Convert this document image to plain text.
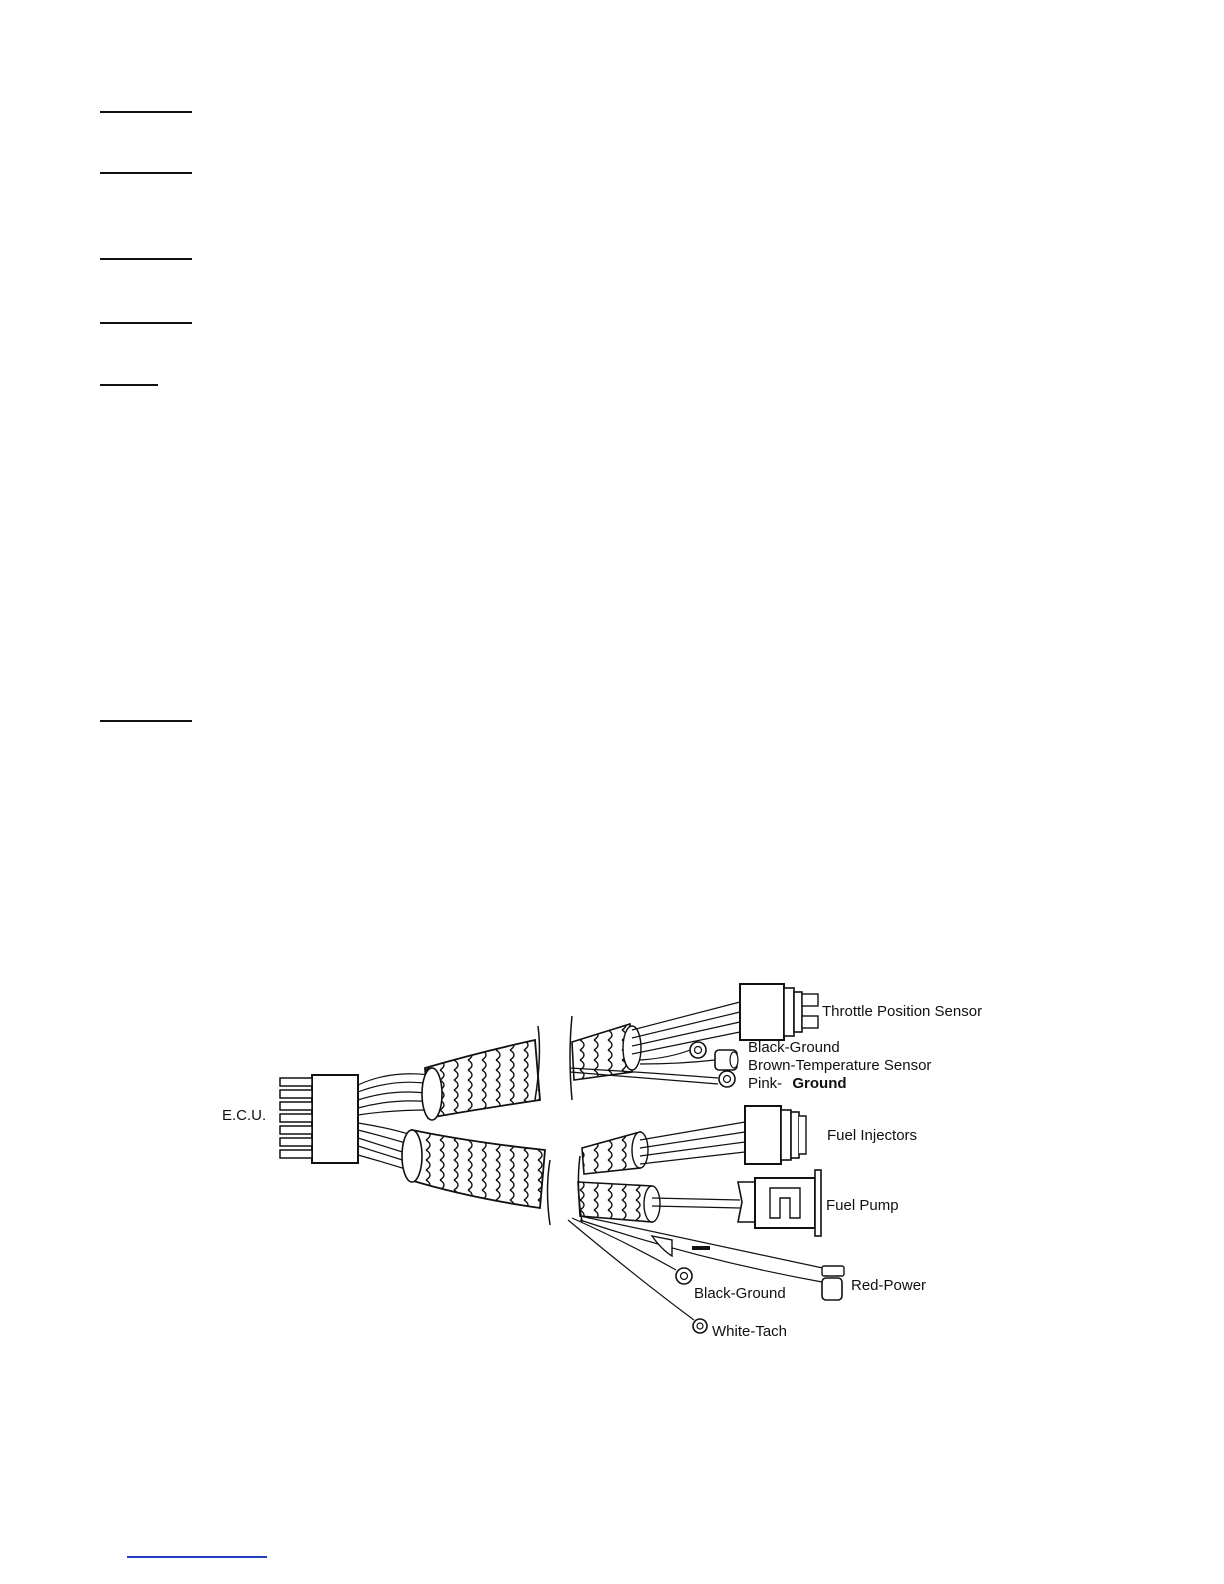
E.C.U.
Throttle Position Sensor
Black-Ground
Brown-Temperature Sensor
Pink- Ground
Fuel Injectors
Fuel Pump
Red-Power
Black-Ground
White-Tach
